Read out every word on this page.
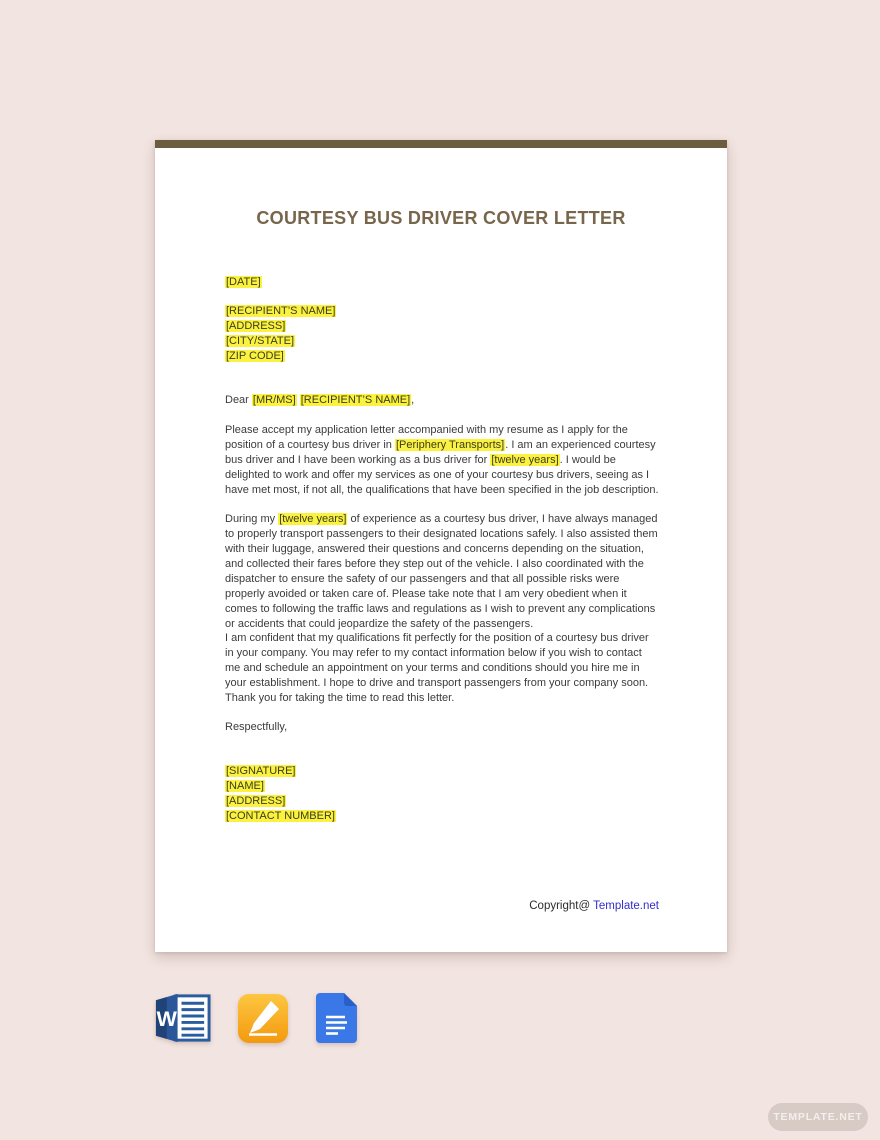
COURTESY BUS DRIVER COVER LETTER
[DATE]
[RECIPIENT’S NAME]
[ADDRESS]
[CITY/STATE]
[ZIP CODE]
Dear [MR/MS] [RECIPIENT’S NAME],
Please accept my application letter accompanied with my resume as I apply for the position of a courtesy bus driver in [Periphery Transports]. I am an experienced courtesy bus driver and I have been working as a bus driver for [twelve years]. I would be delighted to work and offer my services as one of your courtesy bus drivers, seeing as I have met most, if not all, the qualifications that have been specified in the job description.
During my [twelve years] of experience as a courtesy bus driver, I have always managed to properly transport passengers to their designated locations safely. I also assisted them with their luggage, answered their questions and concerns depending on the situation, and collected their fares before they step out of the vehicle. I also coordinated with the dispatcher to ensure the safety of our passengers and that all possible risks were properly avoided or taken care of. Please take note that I am very obedient when it comes to following the traffic laws and regulations as I wish to prevent any complications or accidents that could jeopardize the safety of the passengers.
I am confident that my qualifications fit perfectly for the position of a courtesy bus driver in your company. You may refer to my contact information below if you wish to contact me and schedule an appointment on your terms and conditions should you hire me in your establishment. I hope to drive and transport passengers from your company soon. Thank you for taking the time to read this letter.
Respectfully,
[SIGNATURE]
[NAME]
[ADDRESS]
[CONTACT NUMBER]
Copyright@ Template.net
W
TEMPLATE.NET
